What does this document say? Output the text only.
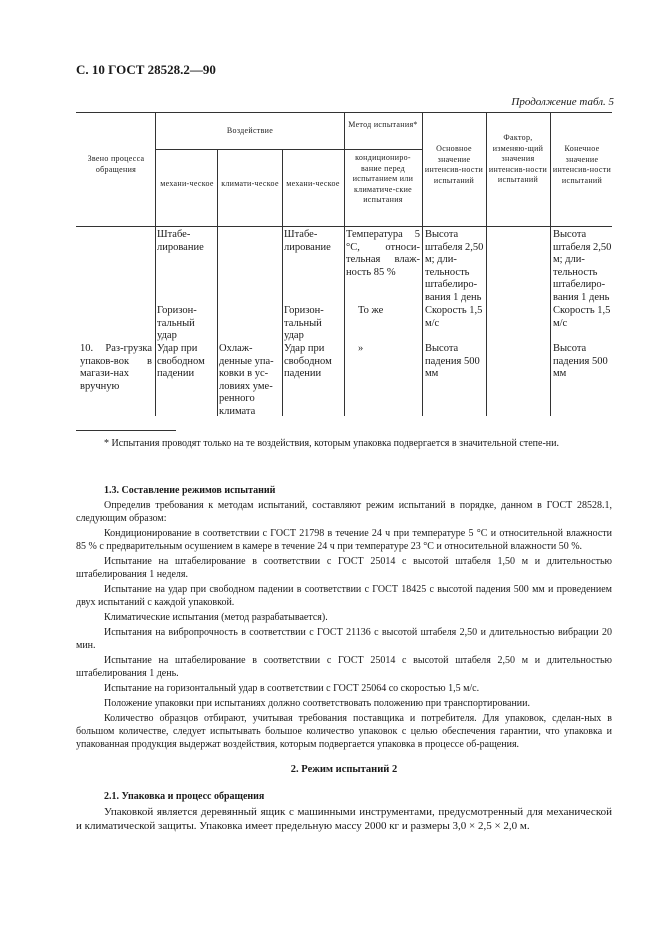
С. 10 ГОСТ 28528.2—90
Продолжение табл. 5
Звено процесса обращения
Воздействие
механи-ческое климати-ческое механи-ческое
Метод испытания*
кондициониро-вание перед испытанием или климатиче-ские испытания
Основное значение интенсив-ности испытаний
Фактор, изменяю-щий значения интенсив-ности испытаний
Конечное значение интенсив-ности испытаний
Штабе-лирование
Штабе-лирование
Температура 5 °C, относи-тельная влаж-ность 85 %
Высота штабеля 2,50 м; дли-тельность штабелиро-вания 1 день
Высота штабеля 2,50 м; дли-тельность штабелиро-вания 1 день
Горизон-тальный удар
Горизон-тальный удар
То же	Скорость 1,5 м/с
Скорость 1,5 м/с
10. Раз-грузка упаков-вок в магази-нах вручную
Удар при свободном падении
Охлаж-денные упа-ковки в ус-ловиях уме-ренного климата
Удар при свободном падении
»	Высота падения 500 мм
Высота падения 500 мм
* Испытания проводят только на те воздействия, которым упаковка подвергается в значительной степе-ни.

1.3. Составление режимов испытаний

Определив требования к методам испытаний, составляют режим испытаний в порядке, данном в ГОСТ 28528.1, следующим образом:

Кондиционирование в соответствии с ГОСТ 21798 в течение 24 ч при температуре 5 °C и относительной влажности 85 % с предварительным осушением в камере в течение 24 ч при температуре 23 °C и относительной влажности 50 %.

Испытание на штабелирование в соответствии с ГОСТ 25014 с высотой штабеля 1,50 м и длительностью штабелирования 1 неделя.

Испытание на удар при свободном падении в соответствии с ГОСТ 18425 с высотой падения 500 мм и проведением двух испытаний с каждой упаковкой.

Климатические испытания (метод разрабатывается).

Испытания на вибропрочность в соответствии с ГОСТ 21136 с высотой штабеля 2,50 и длительностью вибрации 20 мин.

Испытание на штабелирование в соответствии с ГОСТ 25014 с высотой штабеля 2,50 м и длительностью штабелирования 1 день.

Испытание на горизонтальный удар в соответствии с ГОСТ 25064 со скоростью 1,5 м/с.

Положение упаковки при испытаниях должно соответствовать положению при транспортировании.

Количество образцов отбирают, учитывая требования поставщика и потребителя. Для упаковок, сделан-ных в большом количестве, следует испытывать большое количество упаковок с целью обеспечения гарантии, что упаковка и упакованная продукция выдержат воздействия, которым подвергается упаковка в процессе об-ращения.

2. Режим испытаний 2

2.1. Упаковка и процесс обращения

Упаковкой является деревянный ящик с машинными инструментами, предусмотренный для механической и климатической защиты. Упаковка имеет предельную массу 2000 кг и размеры 3,0 × 2,5 × 2,0 м.
